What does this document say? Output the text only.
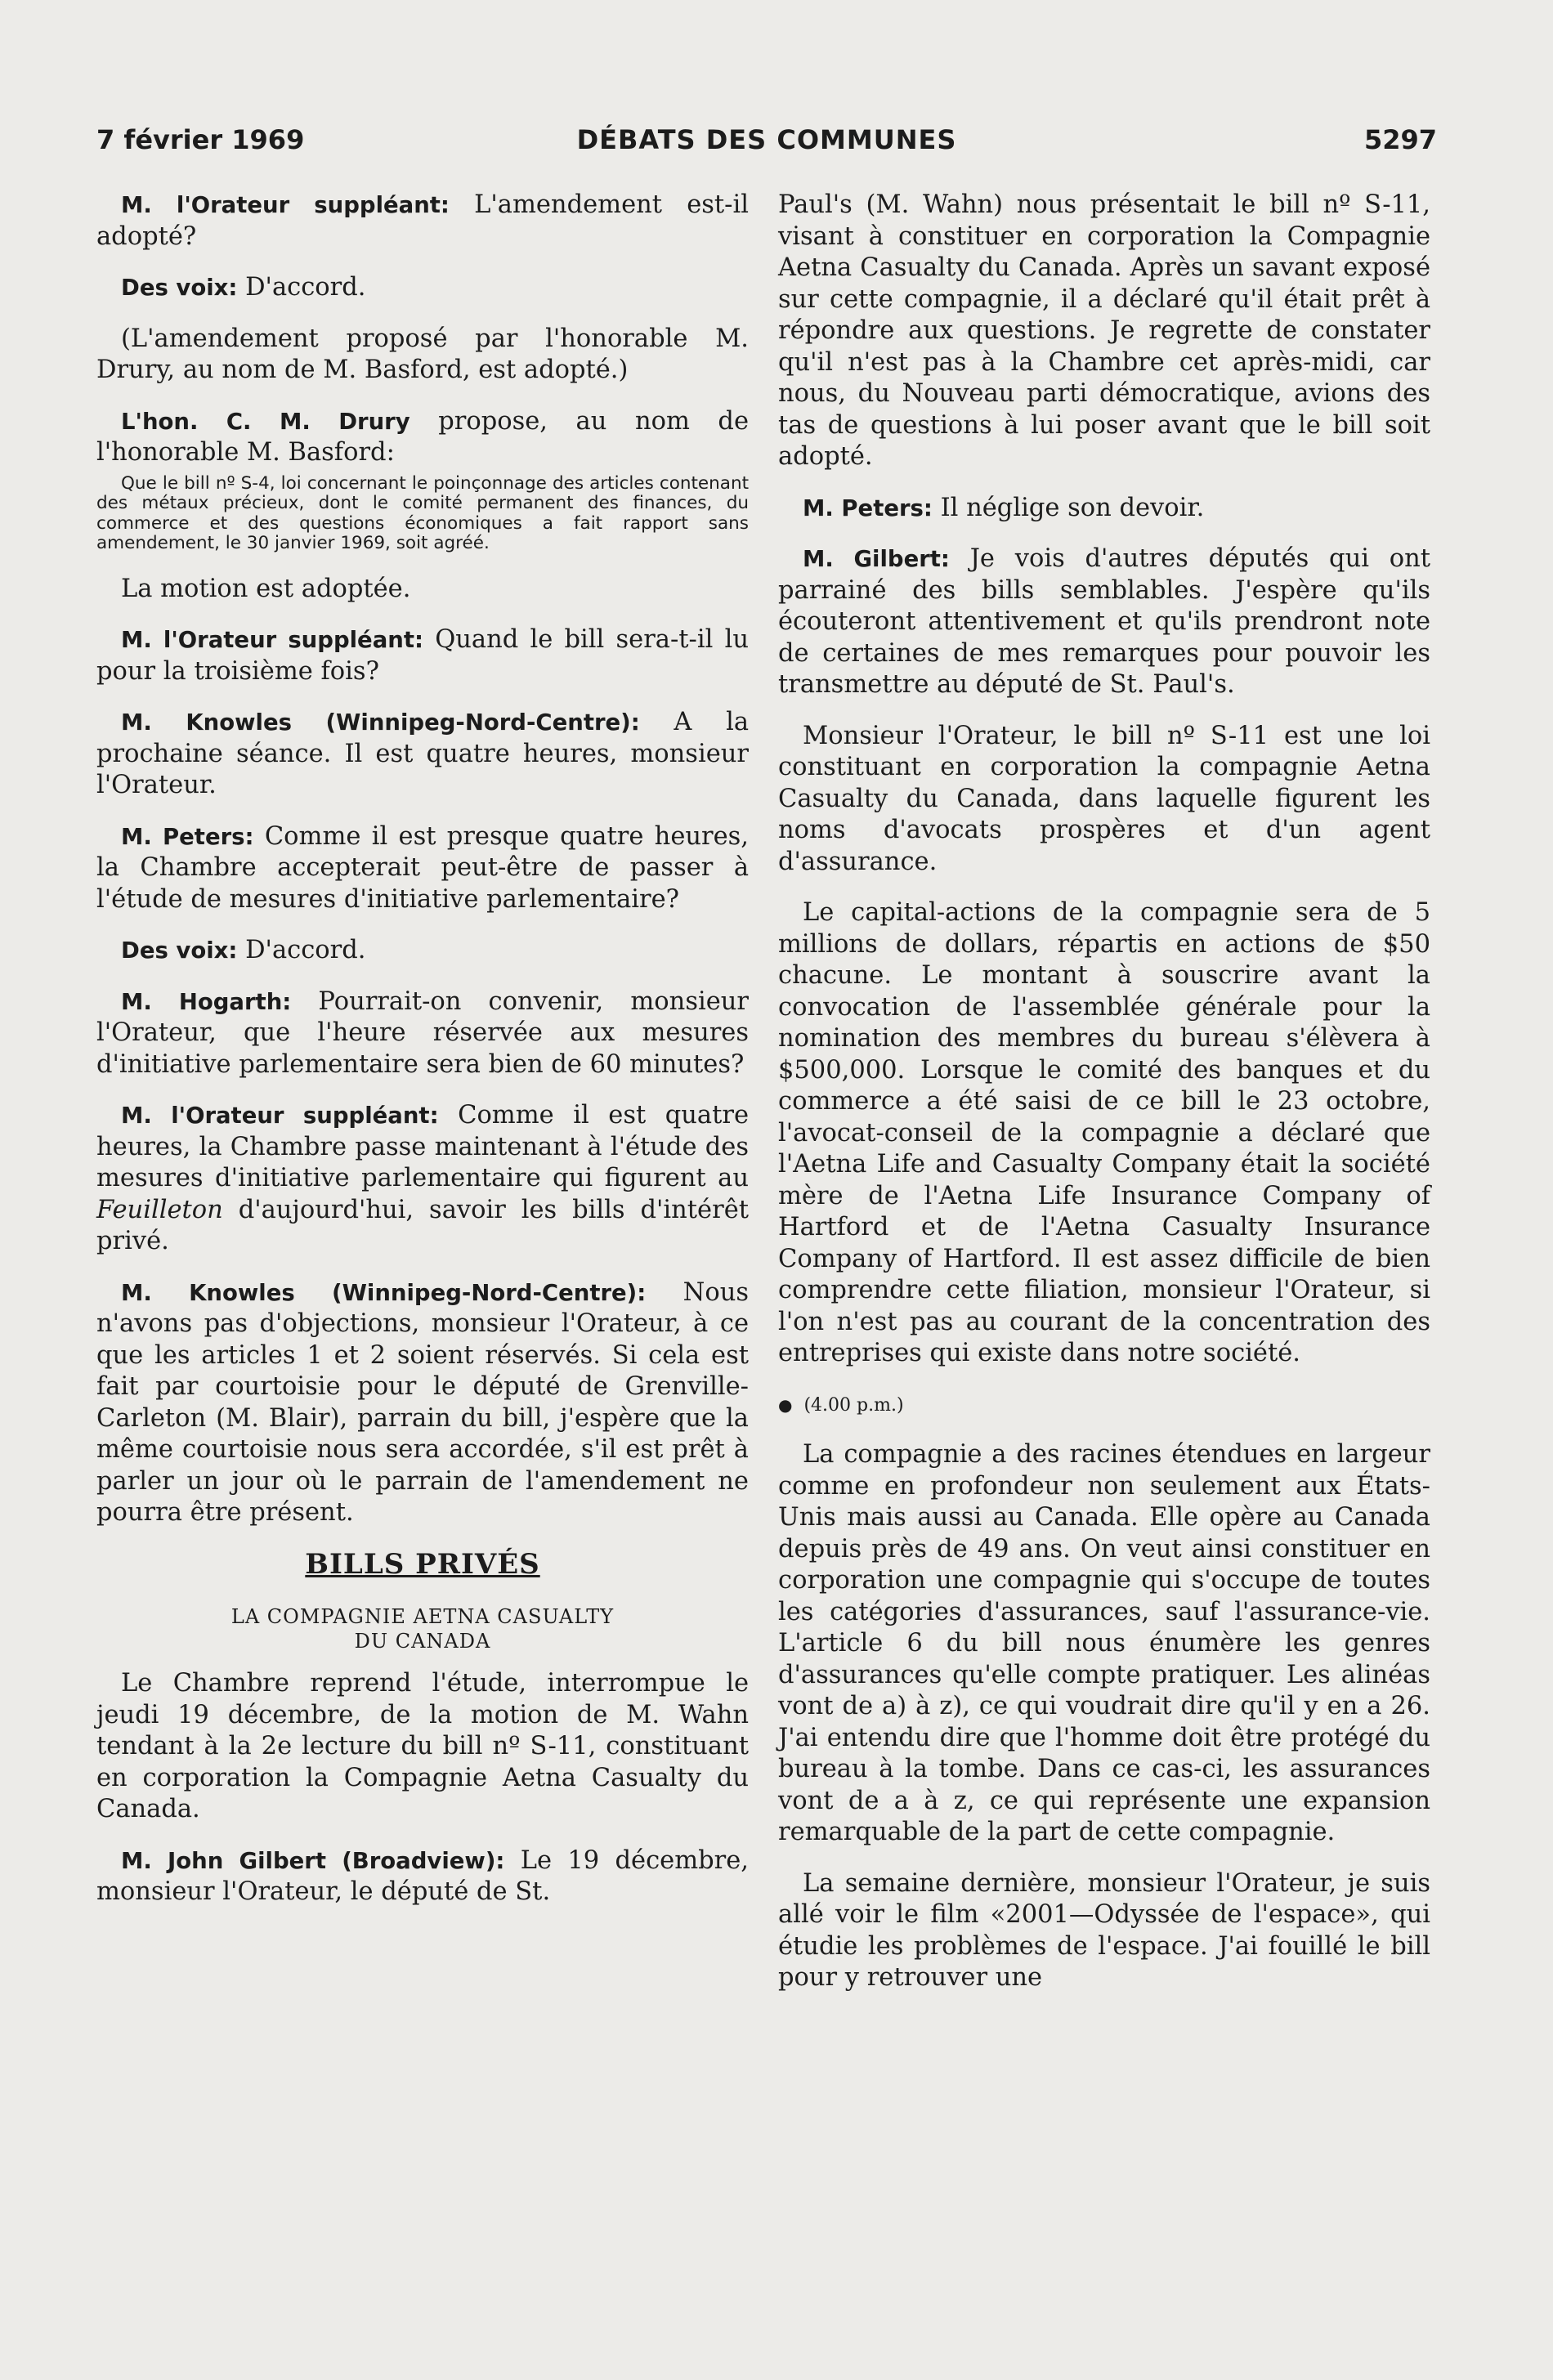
7 février 1969	DÉBATS DES COMMUNES	5297

M. l'Orateur suppléant: L'amendement est-il adopté?

Des voix: D'accord.

(L'amendement proposé par l'honorable M. Drury, au nom de M. Basford, est adopté.)

L'hon. C. M. Drury propose, au nom de l'honorable M. Basford:

Que le bill nº S-4, loi concernant le poinçonnage des articles contenant des métaux précieux, dont le comité permanent des finances, du commerce et des questions économiques a fait rapport sans amendement, le 30 janvier 1969, soit agréé.

La motion est adoptée.

M. l'Orateur suppléant: Quand le bill sera-t-il lu pour la troisième fois?

M. Knowles (Winnipeg-Nord-Centre): A la prochaine séance. Il est quatre heures, monsieur l'Orateur.

M. Peters: Comme il est presque quatre heures, la Chambre accepterait peut-être de passer à l'étude de mesures d'initiative parlementaire?

Des voix: D'accord.

M. Hogarth: Pourrait-on convenir, monsieur l'Orateur, que l'heure réservée aux mesures d'initiative parlementaire sera bien de 60 minutes?

M. l'Orateur suppléant: Comme il est quatre heures, la Chambre passe maintenant à l'étude des mesures d'initiative parlementaire qui figurent au Feuilleton d'aujourd'hui, savoir les bills d'intérêt privé.

M. Knowles (Winnipeg-Nord-Centre): Nous n'avons pas d'objections, monsieur l'Orateur, à ce que les articles 1 et 2 soient réservés. Si cela est fait par courtoisie pour le député de Grenville-Carleton (M. Blair), parrain du bill, j'espère que la même courtoisie nous sera accordée, s'il est prêt à parler un jour où le parrain de l'amendement ne pourra être présent.

BILLS PRIVÉS
LA COMPAGNIE AETNA CASUALTY
DU CANADA

Le Chambre reprend l'étude, interrompue le jeudi 19 décembre, de la motion de M. Wahn tendant à la 2e lecture du bill nº S-11, constituant en corporation la Compagnie Aetna Casualty du Canada.

M. John Gilbert (Broadview): Le 19 décembre, monsieur l'Orateur, le député de St.

Paul's (M. Wahn) nous présentait le bill nº S-11, visant à constituer en corporation la Compagnie Aetna Casualty du Canada. Après un savant exposé sur cette compagnie, il a déclaré qu'il était prêt à répondre aux questions. Je regrette de constater qu'il n'est pas à la Chambre cet après-midi, car nous, du Nouveau parti démocratique, avions des tas de questions à lui poser avant que le bill soit adopté.

M. Peters: Il néglige son devoir.

M. Gilbert: Je vois d'autres députés qui ont parrainé des bills semblables. J'espère qu'ils écouteront attentivement et qu'ils prendront note de certaines de mes remarques pour pouvoir les transmettre au député de St. Paul's.

Monsieur l'Orateur, le bill nº S-11 est une loi constituant en corporation la compagnie Aetna Casualty du Canada, dans laquelle figurent les noms d'avocats prospères et d'un agent d'assurance.

Le capital-actions de la compagnie sera de 5 millions de dollars, répartis en actions de $50 chacune. Le montant à souscrire avant la convocation de l'assemblée générale pour la nomination des membres du bureau s'élèvera à $500,000. Lorsque le comité des banques et du commerce a été saisi de ce bill le 23 octobre, l'avocat-conseil de la compagnie a déclaré que l'Aetna Life and Casualty Company était la société mère de l'Aetna Life Insurance Company of Hartford et de l'Aetna Casualty Insurance Company of Hartford. Il est assez difficile de bien comprendre cette filiation, monsieur l'Orateur, si l'on n'est pas au courant de la concentration des entreprises qui existe dans notre société.

● (4.00 p.m.)

La compagnie a des racines étendues en largeur comme en profondeur non seulement aux États-Unis mais aussi au Canada. Elle opère au Canada depuis près de 49 ans. On veut ainsi constituer en corporation une compagnie qui s'occupe de toutes les catégories d'assurances, sauf l'assurance-vie. L'article 6 du bill nous énumère les genres d'assurances qu'elle compte pratiquer. Les alinéas vont de a) à z), ce qui voudrait dire qu'il y en a 26. J'ai entendu dire que l'homme doit être protégé du bureau à la tombe. Dans ce cas-ci, les assurances vont de a à z, ce qui représente une expansion remarquable de la part de cette compagnie.

La semaine dernière, monsieur l'Orateur, je suis allé voir le film «2001—Odyssée de l'espace», qui étudie les problèmes de l'espace. J'ai fouillé le bill pour y retrouver une
